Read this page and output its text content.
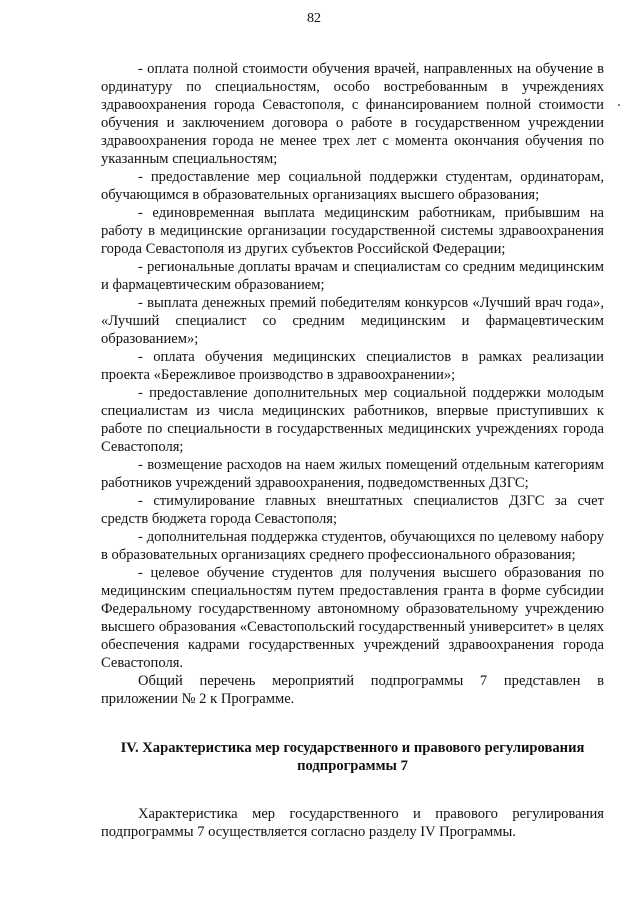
82

- оплата полной стоимости обучения врачей, направленных на обучение в ординатуру по специальностям, особо востребованным в учреждениях здравоохранения города Севастополя, с финансированием полной стоимости обучения и заключением договора о работе в государственном учреждении здравоохранения города не менее трех лет с момента окончания обучения по указанным специальностям;

- предоставление мер социальной поддержки студентам, ординаторам, обучающимся в образовательных организациях высшего образования;

- единовременная выплата медицинским работникам, прибывшим на работу в медицинские организации государственной системы здравоохранения города Севастополя из других субъектов Российской Федерации;

- региональные доплаты врачам и специалистам со средним медицинским и фармацевтическим образованием;

- выплата денежных премий победителям конкурсов «Лучший врач года», «Лучший специалист со средним медицинским и фармацевтическим образованием»;

- оплата обучения медицинских специалистов в рамках реализации проекта «Бережливое производство в здравоохранении»;

- предоставление дополнительных мер социальной поддержки молодым специалистам из числа медицинских работников, впервые приступивших к работе по специальности в государственных медицинских учреждениях города Севастополя;

- возмещение расходов на наем жилых помещений отдельным категориям работников учреждений здравоохранения, подведомственных ДЗГС;

- стимулирование главных внештатных специалистов ДЗГС за счет средств бюджета города Севастополя;

- дополнительная поддержка студентов, обучающихся по целевому набору в образовательных организациях среднего профессионального образования;

- целевое обучение студентов для получения высшего образования по медицинским специальностям путем предоставления гранта в форме субсидии Федеральному государственному автономному образовательному учреждению высшего образования «Севастопольский государственный университет» в целях обеспечения кадрами государственных учреждений здравоохранения города Севастополя.

Общий перечень мероприятий подпрограммы 7 представлен в приложении № 2 к Программе.

IV. Характеристика мер государственного и правового регулирования подпрограммы 7

Характеристика мер государственного и правового регулирования подпрограммы 7 осуществляется согласно разделу IV Программы.
